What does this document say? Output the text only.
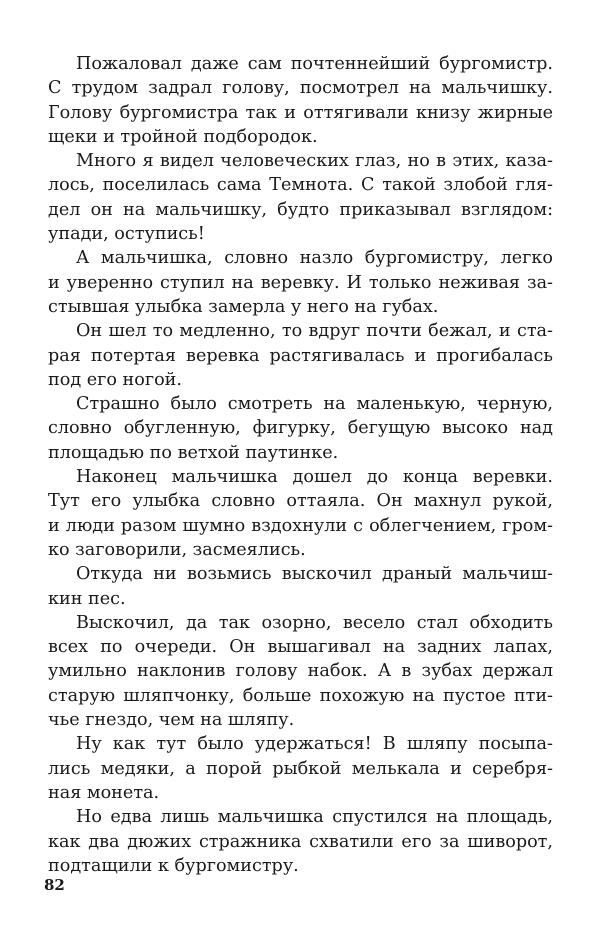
Пожаловал даже сам почтеннейший бургомистр.
С трудом задрал голову, посмотрел на мальчишку.
Голову бургомистра так и оттягивали книзу жирные
щеки и тройной подбородок.
Много я видел человеческих глаз, но в этих, каза-
лось, поселилась сама Темнота. С такой злобой гля-
дел он на мальчишку, будто приказывал взглядом:
упади, оступись!
А мальчишка, словно назло бургомистру, легко
и уверенно ступил на веревку. И только неживая за-
стывшая улыбка замерла у него на губах.
Он шел то медленно, то вдруг почти бежал, и ста-
рая потертая веревка растягивалась и прогибалась
под его ногой.
Страшно было смотреть на маленькую, черную,
словно обугленную, фигурку, бегущую высоко над
площадью по ветхой паутинке.
Наконец мальчишка дошел до конца веревки.
Тут его улыбка словно оттаяла. Он махнул рукой,
и люди разом шумно вздохнули с облегчением, гром-
ко заговорили, засмеялись.
Откуда ни возьмись выскочил драный мальчиш-
кин пес.
Выскочил, да так озорно, весело стал обходить
всех по очереди. Он вышагивал на задних лапах,
умильно наклонив голову набок. А в зубах держал
старую шляпчонку, больше похожую на пустое пти-
чье гнездо, чем на шляпу.
Ну как тут было удержаться! В шляпу посыпа-
лись медяки, а порой рыбкой мелькала и серебря-
ная монета.
Но едва лишь мальчишка спустился на площадь,
как два дюжих стражника схватили его за шиворот,
подтащили к бургомистру.
82
